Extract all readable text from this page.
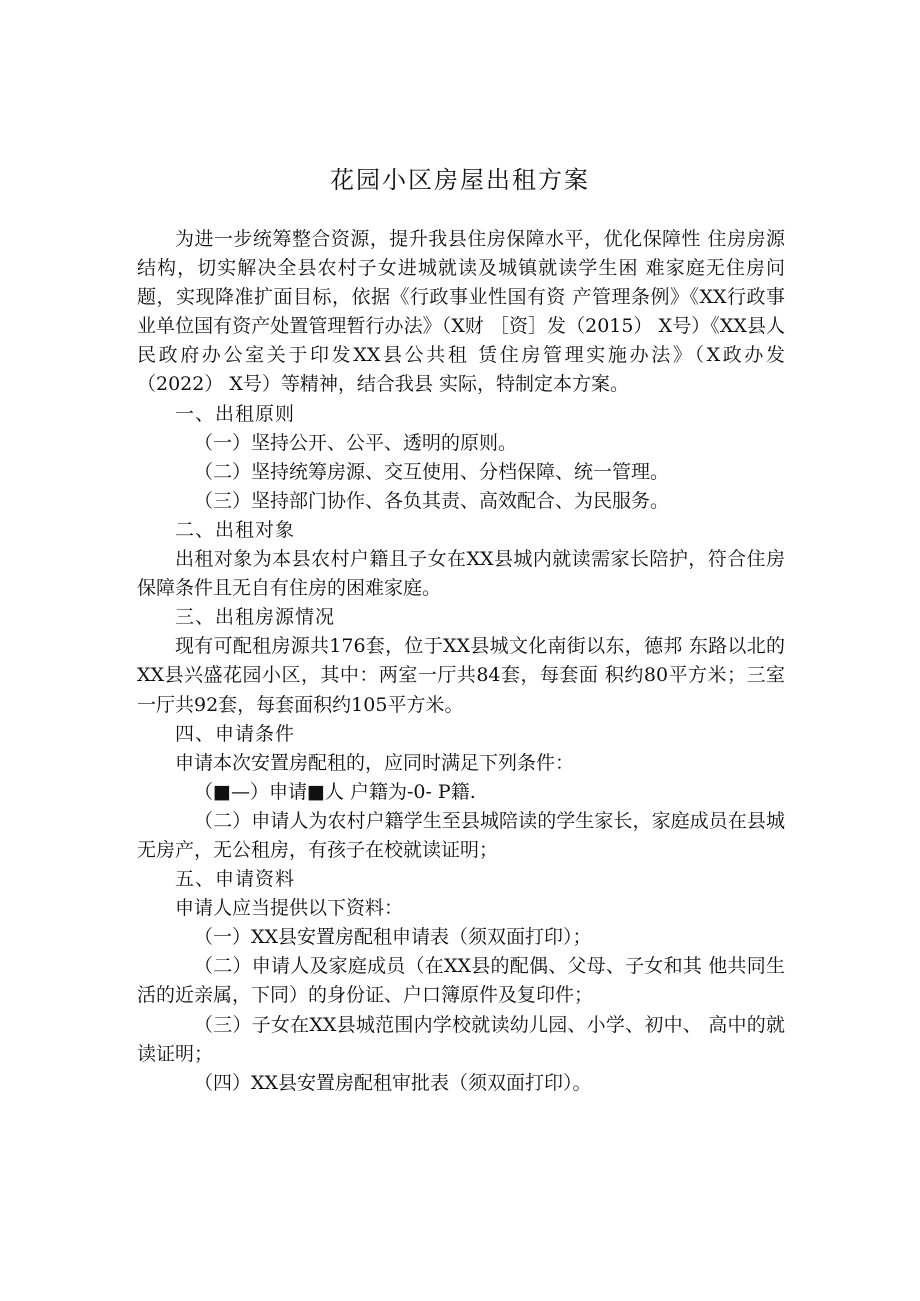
花园小区房屋出租方案

为进一步统筹整合资源，提升我县住房保障水平，优化保障性 住房房源结构，切实解决全县农村子女进城就读及城镇就读学生困 难家庭无住房问题，实现降准扩面目标，依据《行政事业性国有资 产管理条例》《XX行政事业单位国有资产处置管理暂行办法》（X财 ［资］发（2015） X号）《XX县人民政府办公室关于印发XX县公共租 赁住房管理实施办法》（X政办发（2022） X号）等精神，结合我县 实际，特制定本方案。

一、出租原则

（一）坚持公开、公平、透明的原则。

（二）坚持统筹房源、交互使用、分档保障、统一管理。

（三）坚持部门协作、各负其责、高效配合、为民服务。

二、出租对象

出租对象为本县农村户籍且子女在XX县城内就读需家长陪护，符合住房保障条件且无自有住房的困难家庭。

三、出租房源情况

现有可配租房源共176套，位于XX县城文化南街以东，德邦 东路以北的XX县兴盛花园小区，其中：两室一厅共84套，每套面 积约80平方米；三室一厅共92套，每套面积约105平方米。

四、申请条件

申请本次安置房配租的，应同时满足下列条件：

（■—）申请■人 户籍为-0- P籍.

（二）申请人为农村户籍学生至县城陪读的学生家长，家庭成员在县城无房产，无公租房，有孩子在校就读证明；

五、申请资料

申请人应当提供以下资料：

（一）XX县安置房配租申请表（须双面打印）；

（二）申请人及家庭成员（在XX县的配偶、父母、子女和其 他共同生活的近亲属，下同）的身份证、户口簿原件及复印件；

（三）子女在XX县城范围内学校就读幼儿园、小学、初中、 高中的就读证明；

（四）XX县安置房配租审批表（须双面打印）。
